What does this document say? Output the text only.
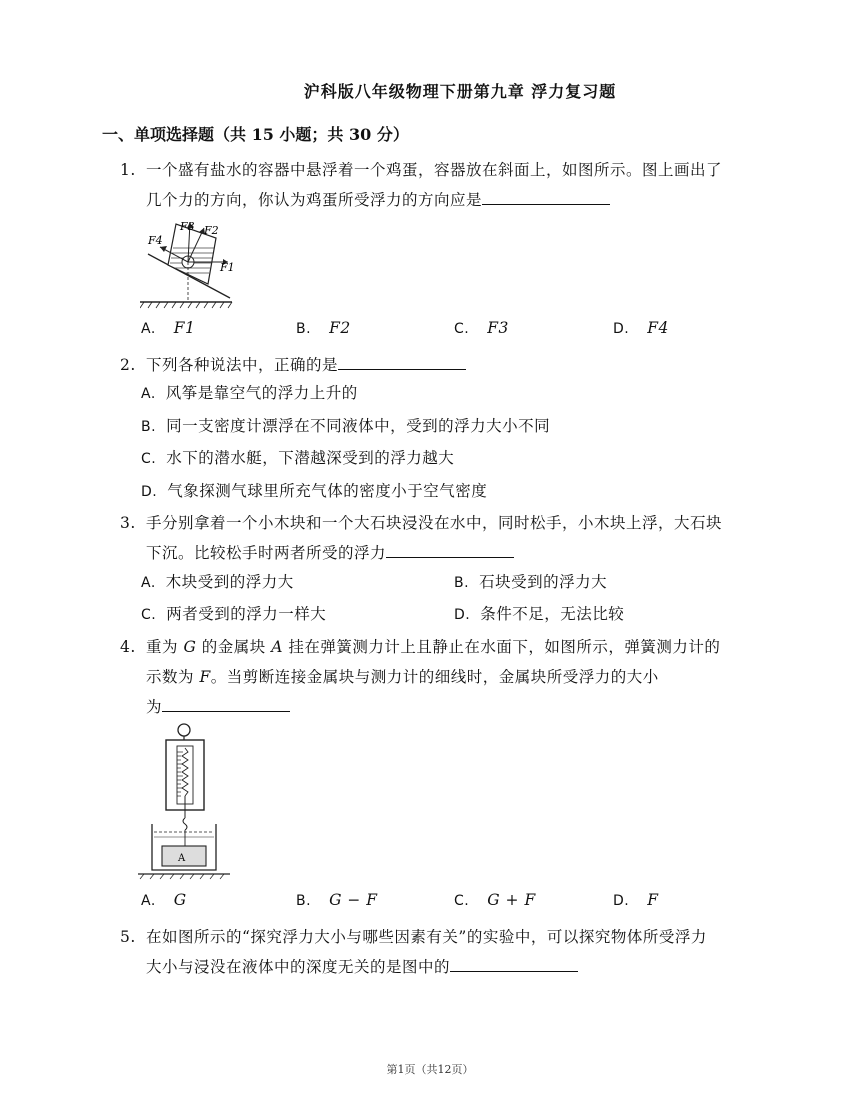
沪科版八年级物理下册第九章 浮力复习题
一、单项选择题（共 15 小题；共 30 分）
1. 一个盛有盐水的容器中悬浮着一个鸡蛋，容器放在斜面上，如图所示。图上画出了
几个力的方向，你认为鸡蛋所受浮力的方向应是
F4
F3 F2
F1
A. F1	B. F2	C. F3	D. F4
2. 下列各种说法中，正确的是
A. 风筝是靠空气的浮力上升的
B. 同一支密度计漂浮在不同液体中，受到的浮力大小不同
C. 水下的潜水艇，下潜越深受到的浮力越大
D. 气象探测气球里所充气体的密度小于空气密度
3. 手分别拿着一个小木块和一个大石块浸没在水中，同时松手，小木块上浮，大石块
下沉。比较松手时两者所受的浮力
A. 木块受到的浮力大	B. 石块受到的浮力大
C. 两者受到的浮力一样大	D. 条件不足，无法比较
4. 重为 G 的金属块 A 挂在弹簧测力计上且静止在水面下，如图所示，弹簧测力计的
示数为 F。当剪断连接金属块与测力计的细线时，金属块所受浮力的大小
为
A
A. G	B. G − F	C. G + F	D. F
5. 在如图所示的“探究浮力大小与哪些因素有关”的实验中，可以探究物体所受浮力
大小与浸没在液体中的深度无关的是图中的
第1页（共12页）
